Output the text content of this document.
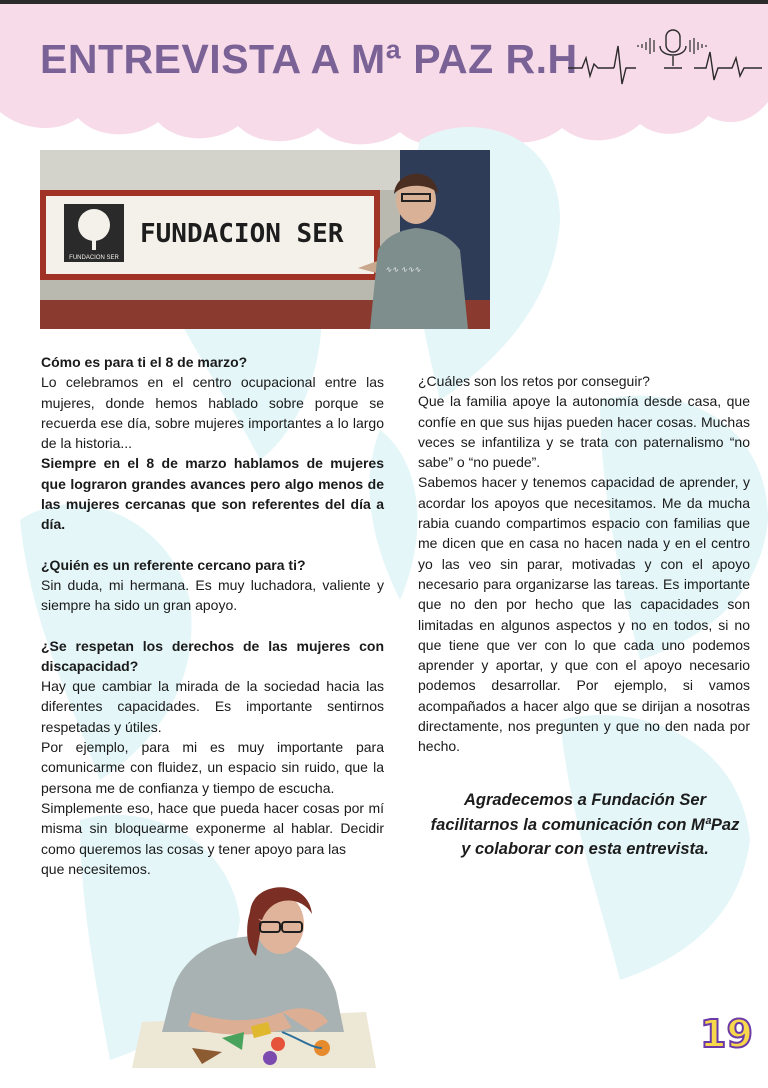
ENTREVISTA A Mª PAZ R.H
FUNDACION SER
FUNDACION SER
∿∿ ∿∿∿

Cómo es para ti el 8 de marzo?

Lo celebramos en el centro ocupacional entre las mujeres, donde hemos hablado sobre porque se recuerda ese día, sobre mujeres importantes a lo largo de la historia...

Siempre en el 8 de marzo hablamos de mujeres que lograron grandes avances pero algo menos de las mujeres cercanas que son referentes del día a día.

¿Quién es un referente cercano para ti?

Sin duda, mi hermana. Es muy luchadora, valiente y siempre ha sido un gran apoyo.

¿Se respetan los derechos de las mujeres con discapacidad?

Hay que cambiar la mirada de la sociedad hacia las diferentes capacidades. Es importante sentirnos respetadas y útiles.

Por ejemplo, para mi es muy importante para comunicarme con fluidez, un espacio sin ruido, que la persona me de confianza y tiempo de escucha.

Simplemente eso, hace que pueda hacer cosas por mí misma sin bloquearme exponerme al hablar. Decidir como queremos las cosas y tener apoyo para las

que necesitemos.

¿Cuáles son los retos por conseguir?

Que la familia apoye la autonomía desde casa, que confíe en que sus hijas pueden hacer cosas. Muchas veces se infantiliza y se trata con paternalismo “no sabe” o “no puede”.

Sabemos hacer y tenemos capacidad de aprender, y acordar los apoyos que necesitamos. Me da mucha rabia cuando compartimos espacio con familias que me dicen que en casa no hacen nada y en el centro yo las veo sin parar, motivadas y con el apoyo necesario para organizarse las tareas. Es importante que no den por hecho que las capacidades son limitadas en algunos aspectos y no en todos, si no que tiene que ver con lo que cada uno podemos aprender y aportar, y que con el apoyo necesario podemos desarrollar. Por ejemplo, si vamos acompañados a hacer algo que se dirijan a nosotras directamente, nos pregunten y que no den nada por hecho.

Agradecemos a Fundación Ser
facilitarnos la comunicación con MªPaz
y colaborar con esta entrevista.
19
